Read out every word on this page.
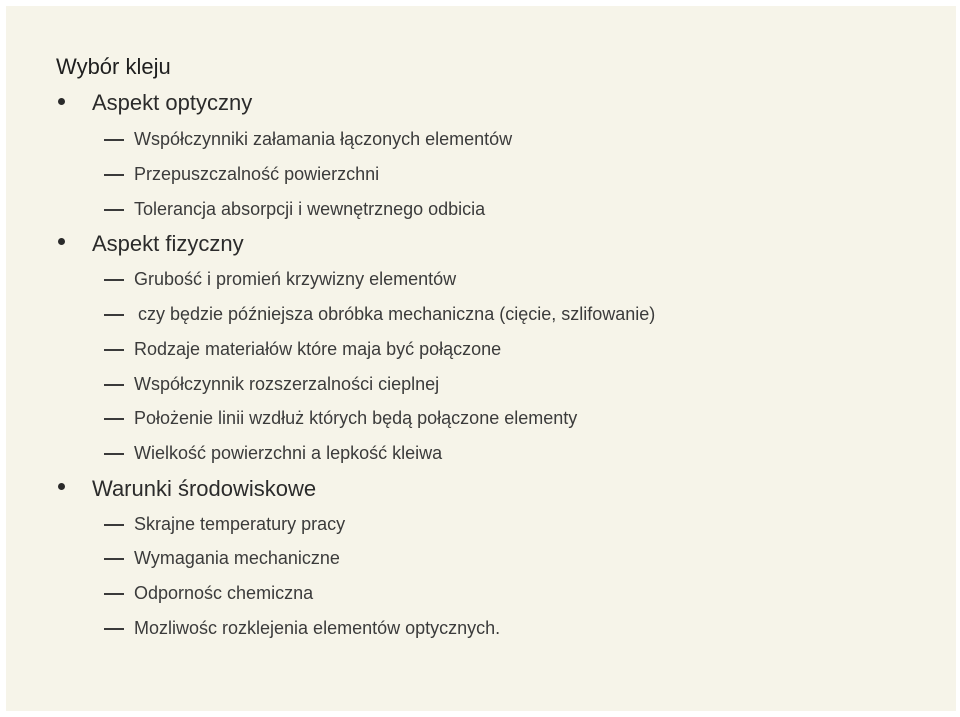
Wybór kleju
Aspekt optyczny
Współczynniki załamania łączonych elementów
Przepuszczalność powierzchni
Tolerancja absorpcji i wewnętrznego odbicia
Aspekt fizyczny
Grubość i promień krzywizny elementów
czy będzie późniejsza obróbka mechaniczna (cięcie, szlifowanie)
Rodzaje materiałów które maja być połączone
Współczynnik rozszerzalności cieplnej
Położenie linii wzdłuż których będą połączone elementy
Wielkość powierzchni a lepkość kleiwa
Warunki środowiskowe
Skrajne temperatury pracy
Wymagania mechaniczne
Odpornośc chemiczna
Mozliwośc rozklejenia elementów optycznych.
